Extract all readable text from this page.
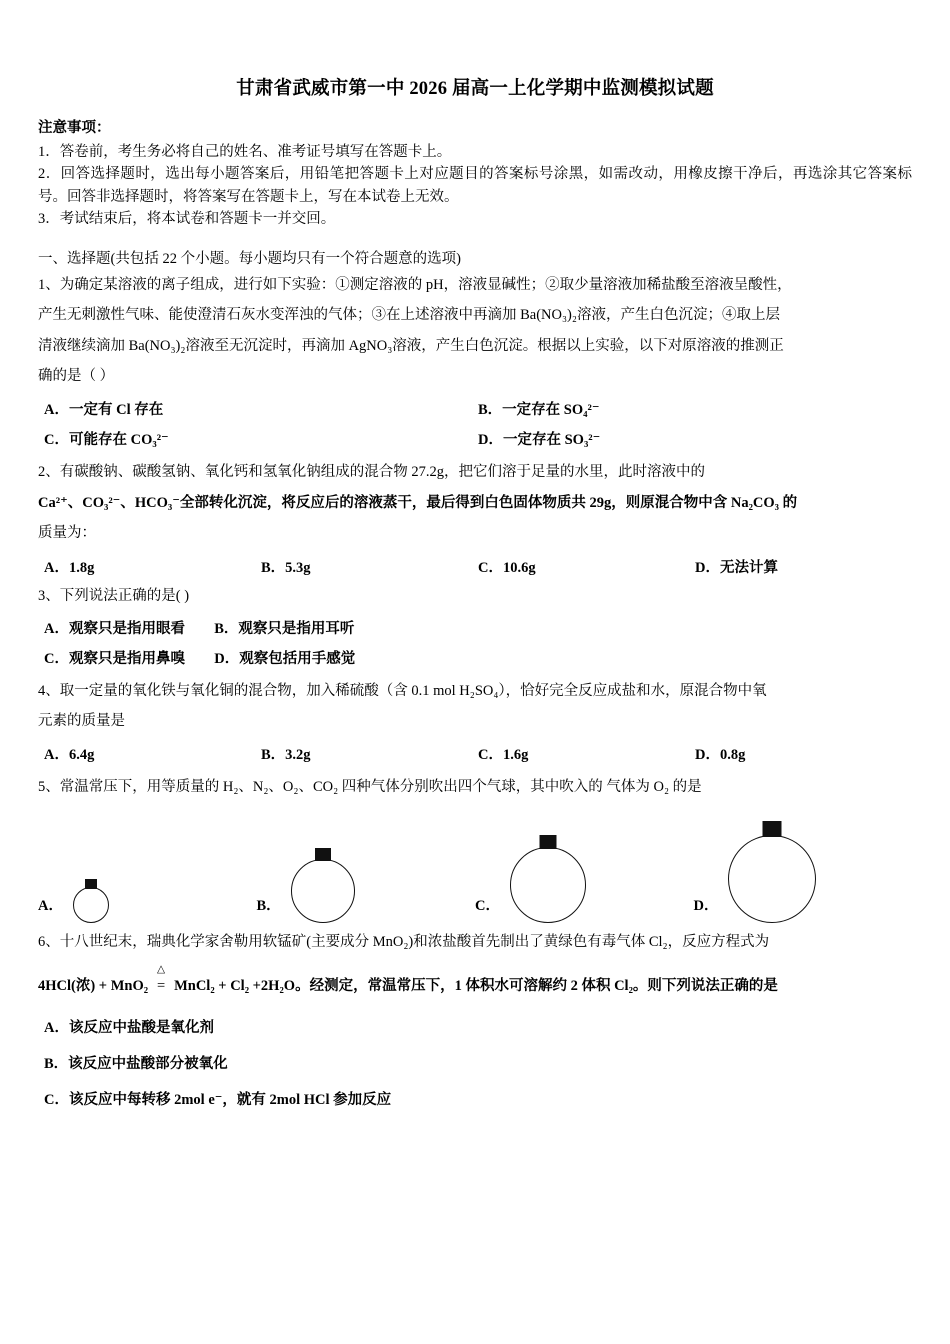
甘肃省武威市第一中 2026 届高一上化学期中监测模拟试题
注意事项：

1．答卷前，考生务必将自己的姓名、准考证号填写在答题卡上。

2．回答选择题时，选出每小题答案后，用铅笔把答题卡上对应题目的答案标号涂黑，如需改动，用橡皮擦干净后，再选涂其它答案标号。回答非选择题时，将答案写在答题卡上，写在本试卷上无效。

3．考试结束后，将本试卷和答题卡一并交回。

一、选择题(共包括 22 个小题。每小题均只有一个符合题意的选项)

1、为确定某溶液的离子组成，进行如下实验：①测定溶液的 pH，溶液显碱性；②取少量溶液加稀盐酸至溶液呈酸性，

产生无刺激性气味、能使澄清石灰水变浑浊的气体；③在上述溶液中再滴加 Ba(NO₃)₂溶液，产生白色沉淀；④取上层

清液继续滴加 Ba(NO₃)₂溶液至无沉淀时，再滴加 AgNO₃溶液，产生白色沉淀。根据以上实验，以下对原溶液的推测正

确的是（ ）

A．一定有 Cl 存在	B．一定存在 SO₄²⁻
C．可能存在 CO₃²⁻	D．一定存在 SO₃²⁻

2、有碳酸钠、碳酸氢钠、氧化钙和氢氧化钠组成的混合物 27.2g，把它们溶于足量的水里，此时溶液中的

Ca²⁺、CO₃²⁻、HCO₃⁻全部转化沉淀，将反应后的溶液蒸干，最后得到白色固体物质共 29g，则原混合物中含 Na₂CO₃ 的

质量为：

A．1.8g	B．5.3g	C．10.6g	D．无法计算

3、下列说法正确的是( )

A．观察只是指用眼看 B．观察只是指用耳听
C．观察只是指用鼻嗅 D．观察包括用手感觉

4、取一定量的氧化铁与氧化铜的混合物，加入稀硫酸（含 0.1 mol H₂SO₄），恰好完全反应成盐和水，原混合物中氧

元素的质量是

A．6.4g	B．3.2g	C．1.6g	D．0.8g

5、常温常压下，用等质量的 H₂、N₂、O₂、CO₂ 四种气体分别吹出四个气球，其中吹入的 气体为 O₂ 的是

A．	B．	C．	D．

6、十八世纪末，瑞典化学家舍勒用软锰矿(主要成分 MnO₂)和浓盐酸首先制出了黄绿色有毒气体 Cl₂，反应方程式为

4HCl(浓) + MnO₂
△
= MnCl₂ + Cl₂ +2H₂O。经测定，常温常压下，1 体积水可溶解约 2 体积 Cl₂。则下列说法正确的是

A．该反应中盐酸是氧化剂
B．该反应中盐酸部分被氧化
C．该反应中每转移 2mol e⁻，就有 2mol HCl 参加反应
